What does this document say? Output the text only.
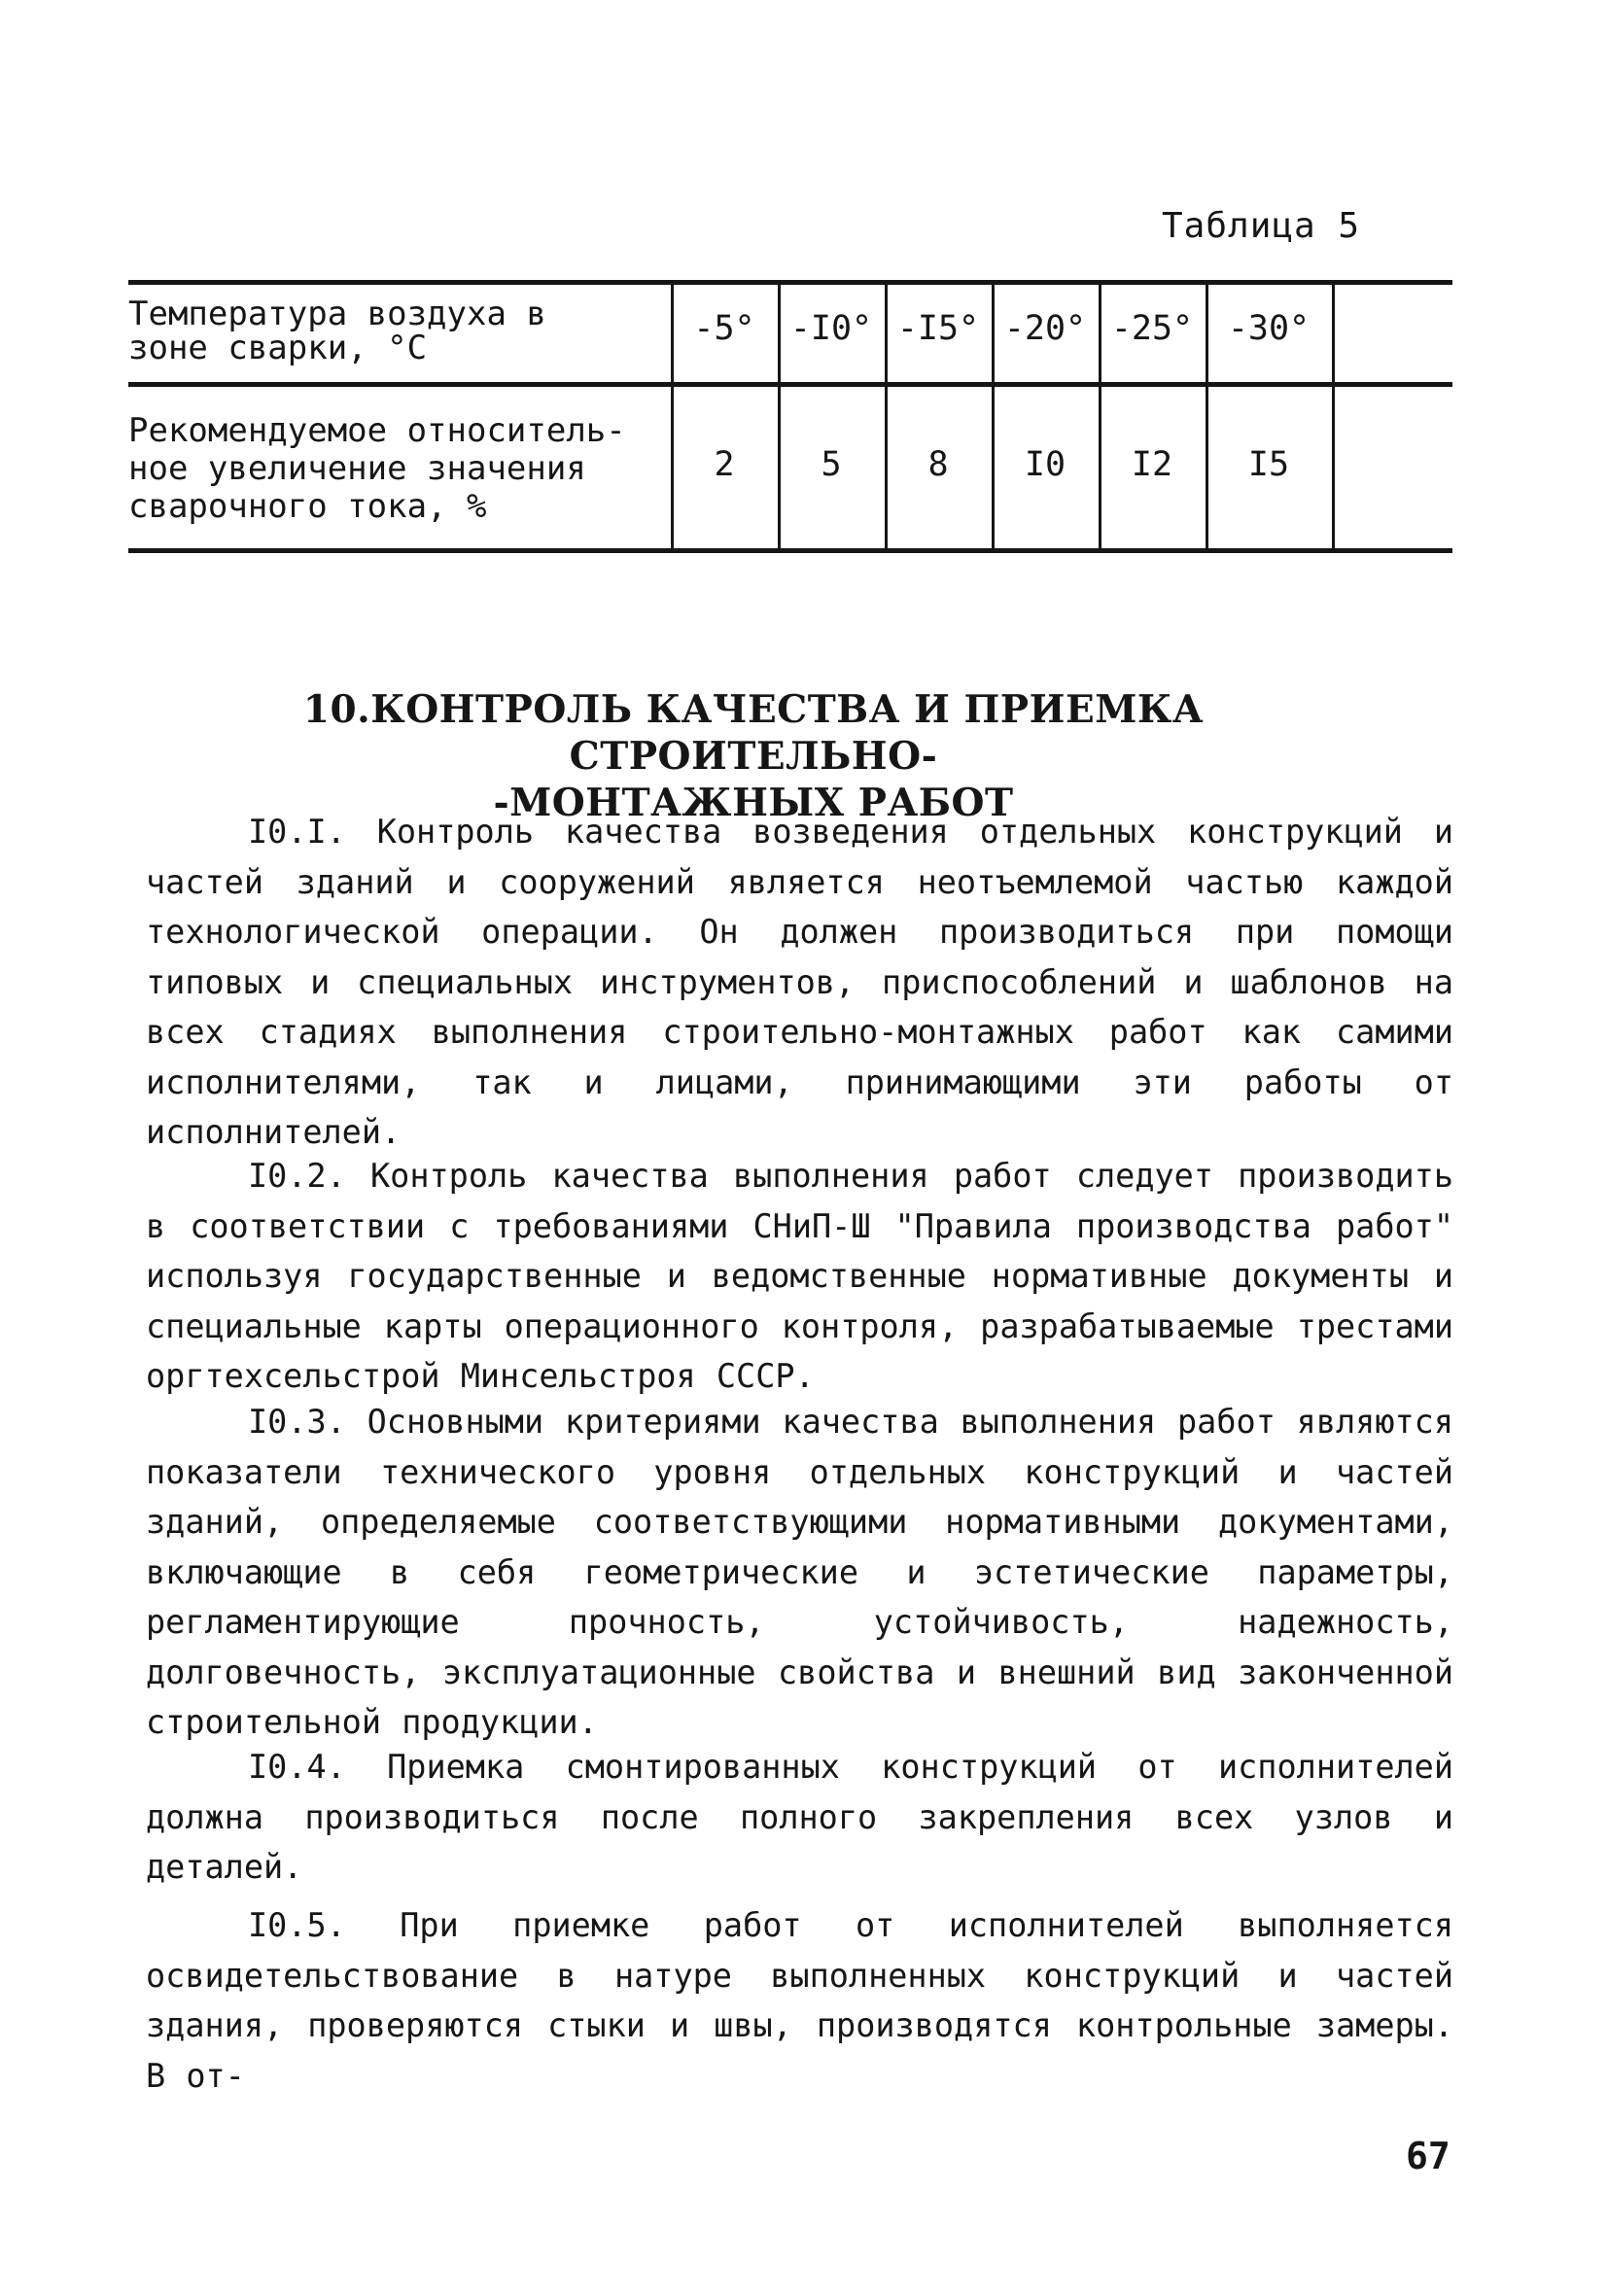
Таблица 5
Температура воздуха в
зоне сварки, °С
Рекомендуемое относитель-
ное увеличение значения
сварочного тока, %
-5°	-I0° -I5° -20° -25°	-30°
2	5	8	I0	I2	I5
10.КОНТРОЛЬ КАЧЕСТВА И ПРИЕМКА СТРОИТЕЛЬНО-
-МОНТАЖНЫХ РАБОТ

I0.I. Контроль качества возведения отдельных конструкций и частей зданий и сооружений является неотъемлемой частью каждой технологической операции. Он должен производиться при помощи типовых и специальных инструментов, приспособлений и шаблонов на всех стадиях выполнения строительно-монтажных работ как самими исполнителями, так и лицами, принимающими эти работы от исполнителей.

I0.2. Контроль качества выполнения работ следует производить в соответствии с требованиями СНиП-Ш "Правила производства работ" используя государственные и ведомственные нормативные документы и специальные карты операционного контроля, разрабатываемые трестами оргтехсельстрой Минсельстроя СССР.

I0.3. Основными критериями качества выполнения работ являются показатели технического уровня отдельных конструкций и частей зданий, определяемые соответствующими нормативными документами, включающие в себя геометрические и эстетические параметры, регламентирующие прочность, устойчивость, надежность, долговечность, эксплуатационные свойства и внешний вид законченной строительной продукции.

I0.4. Приемка смонтированных конструкций от исполнителей должна производиться после полного закрепления всех узлов и деталей.

I0.5. При приемке работ от исполнителей выполняется освидетельствование в натуре выполненных конструкций и частей здания, проверяются стыки и швы, производятся контрольные замеры. В от-

67
